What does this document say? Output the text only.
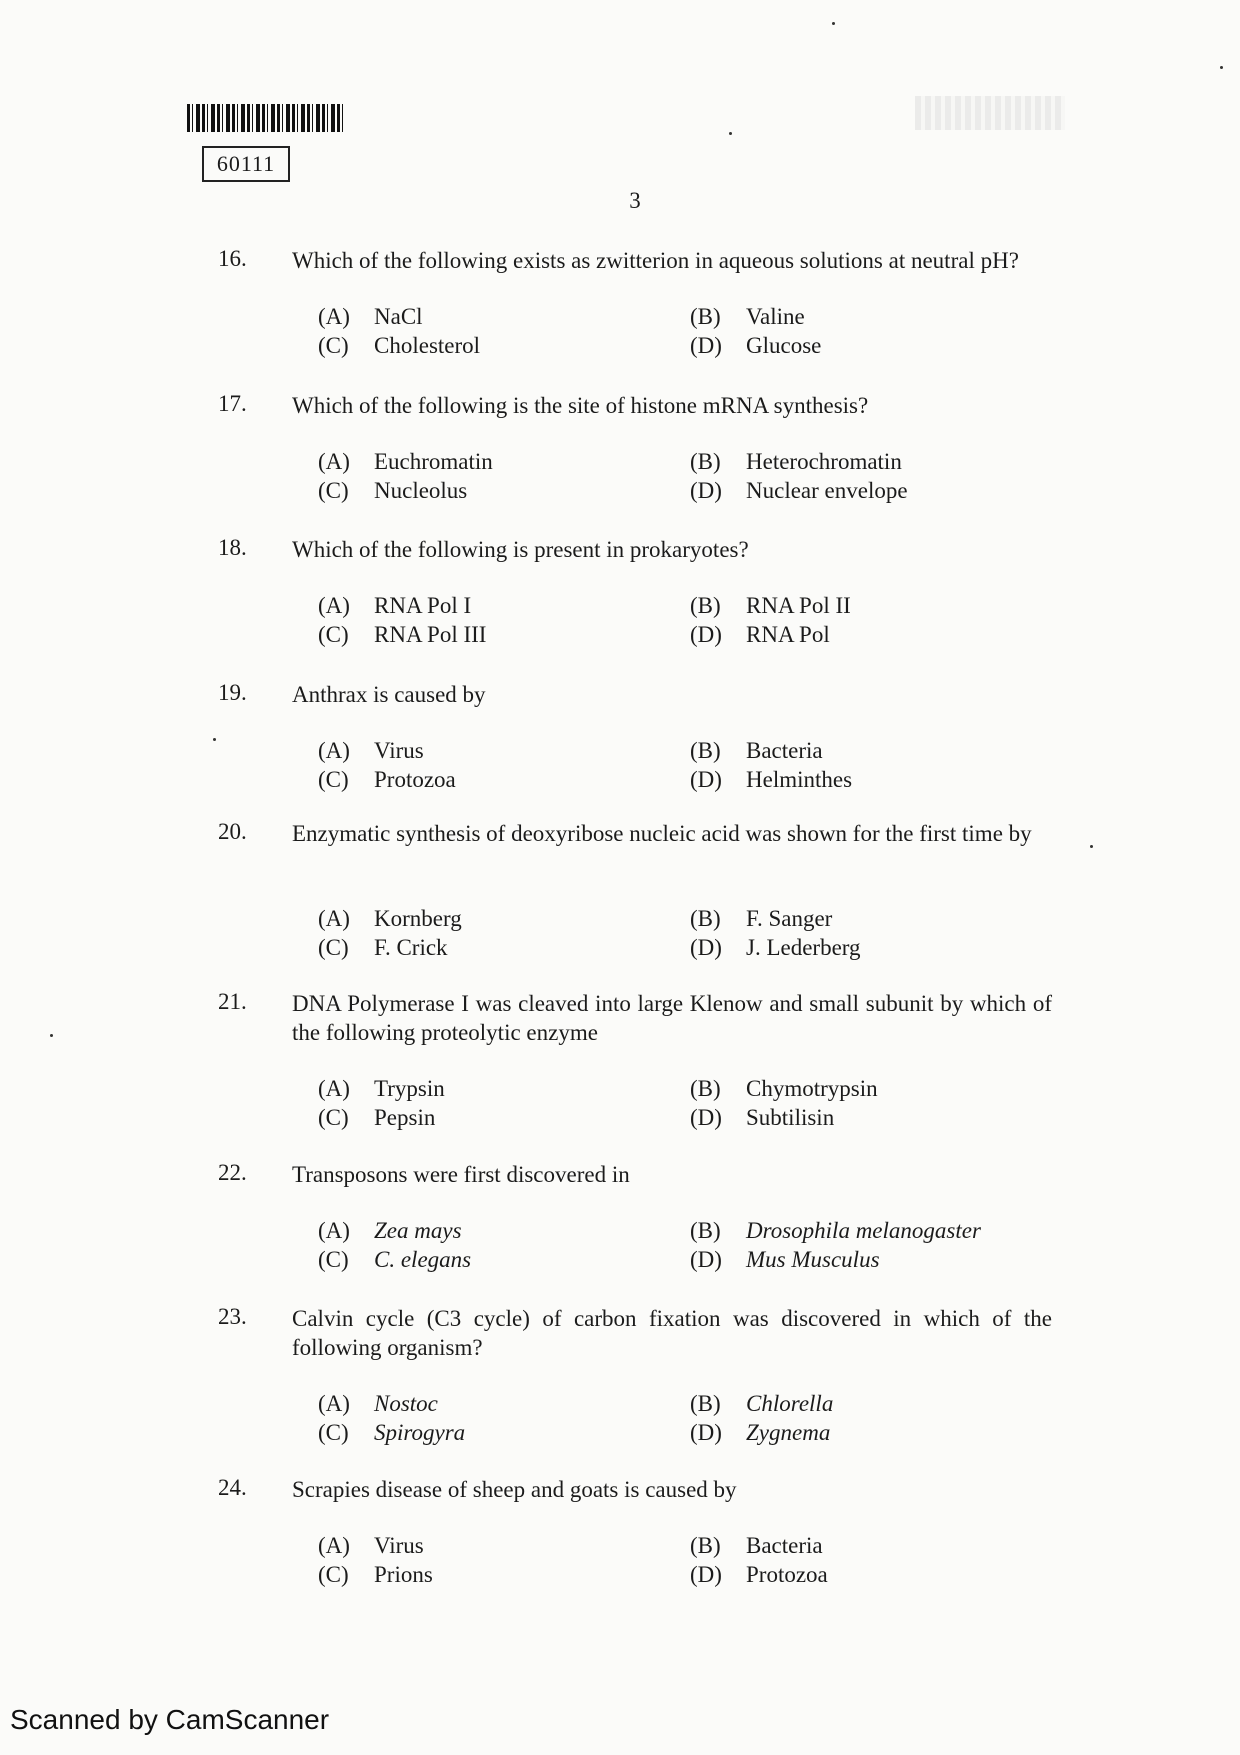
60111
3
16. Which of the following exists as zwitterion in aqueous solutions at neutral pH?
(A) NaCl	(B) Valine
(C) Cholesterol	(D) Glucose
17. Which of the following is the site of histone mRNA synthesis?
(A) Euchromatin	(B) Heterochromatin
(C) Nucleolus	(D) Nuclear envelope
18. Which of the following is present in prokaryotes?
(A) RNA Pol I	(B) RNA Pol II
(C) RNA Pol III	(D) RNA Pol
19. Anthrax is caused by
(A) Virus	(B) Bacteria
(C) Protozoa	(D) Helminthes
20. Enzymatic synthesis of deoxyribose nucleic acid was shown for the first time by
(A) Kornberg	(B) F. Sanger
(C) F. Crick	(D) J. Lederberg
21. DNA Polymerase I was cleaved into large Klenow and small subunit by which of the following proteolytic enzyme
(A) Trypsin	(B) Chymotrypsin
(C) Pepsin	(D) Subtilisin
22. Transposons were first discovered in
(A) Zea mays	(B) Drosophila melanogaster
(C) C. elegans	(D) Mus Musculus
23. Calvin cycle (C3 cycle) of carbon fixation was discovered in which of the following organism?
(A) Nostoc	(B) Chlorella
(C) Spirogyra	(D) Zygnema
24. Scrapies disease of sheep and goats is caused by
(A) Virus	(B) Bacteria
(C) Prions	(D) Protozoa
Scanned by CamScanner
